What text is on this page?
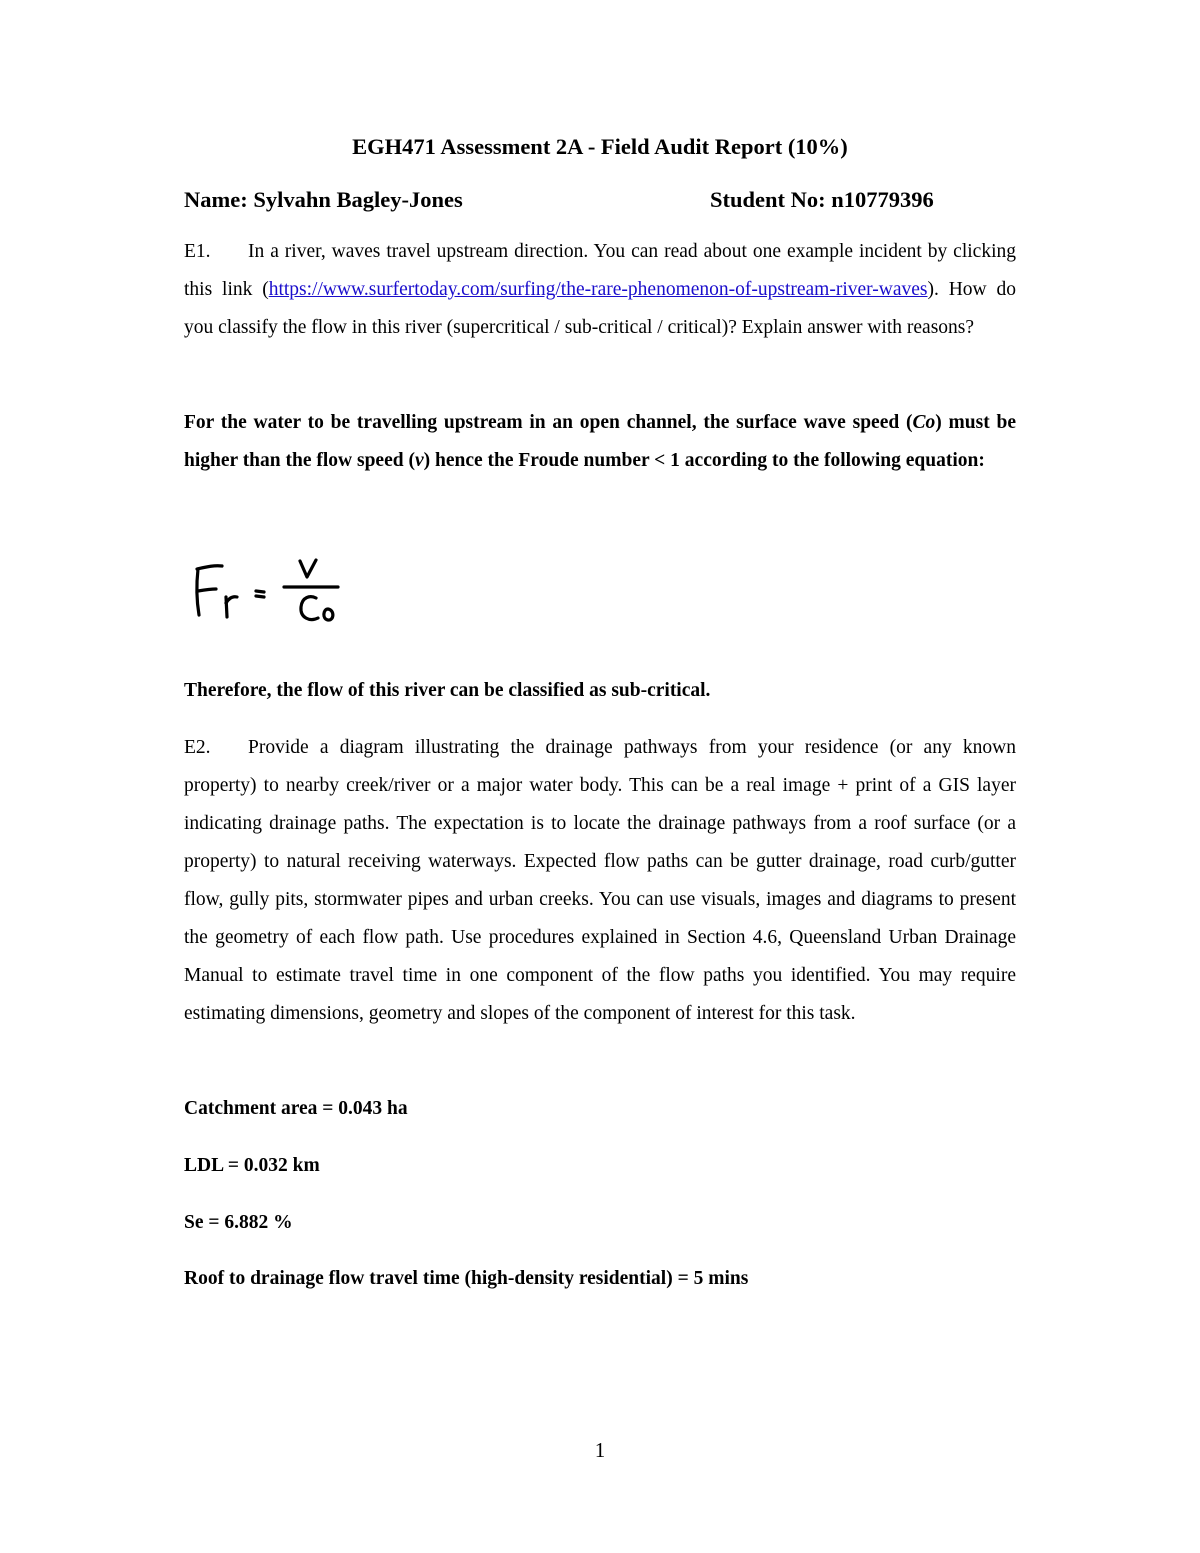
EGH471 Assessment 2A - Field Audit Report (10%)
Name: Sylvahn Bagley-Jones	Student No: n10779396
E1. In a river, waves travel upstream direction. You can read about one example incident by clicking this link (https://www.surfertoday.com/surfing/the-rare-phenomenon-of-upstream-river-waves). How do you classify the flow in this river (supercritical / sub-critical / critical)? Explain answer with reasons?
For the water to be travelling upstream in an open channel, the surface wave speed (Co) must be higher than the flow speed (v) hence the Froude number < 1 according to the following equation:
Therefore, the flow of this river can be classified as sub-critical.
E2. Provide a diagram illustrating the drainage pathways from your residence (or any known property) to nearby creek/river or a major water body. This can be a real image + print of a GIS layer indicating drainage paths. The expectation is to locate the drainage pathways from a roof surface (or a property) to natural receiving waterways. Expected flow paths can be gutter drainage, road curb/gutter flow, gully pits, stormwater pipes and urban creeks. You can use visuals, images and diagrams to present the geometry of each flow path. Use procedures explained in Section 4.6, Queensland Urban Drainage Manual to estimate travel time in one component of the flow paths you identified. You may require estimating dimensions, geometry and slopes of the component of interest for this task.
Catchment area = 0.043 ha
LDL = 0.032 km
Se = 6.882 %
Roof to drainage flow travel time (high-density residential) = 5 mins
1
